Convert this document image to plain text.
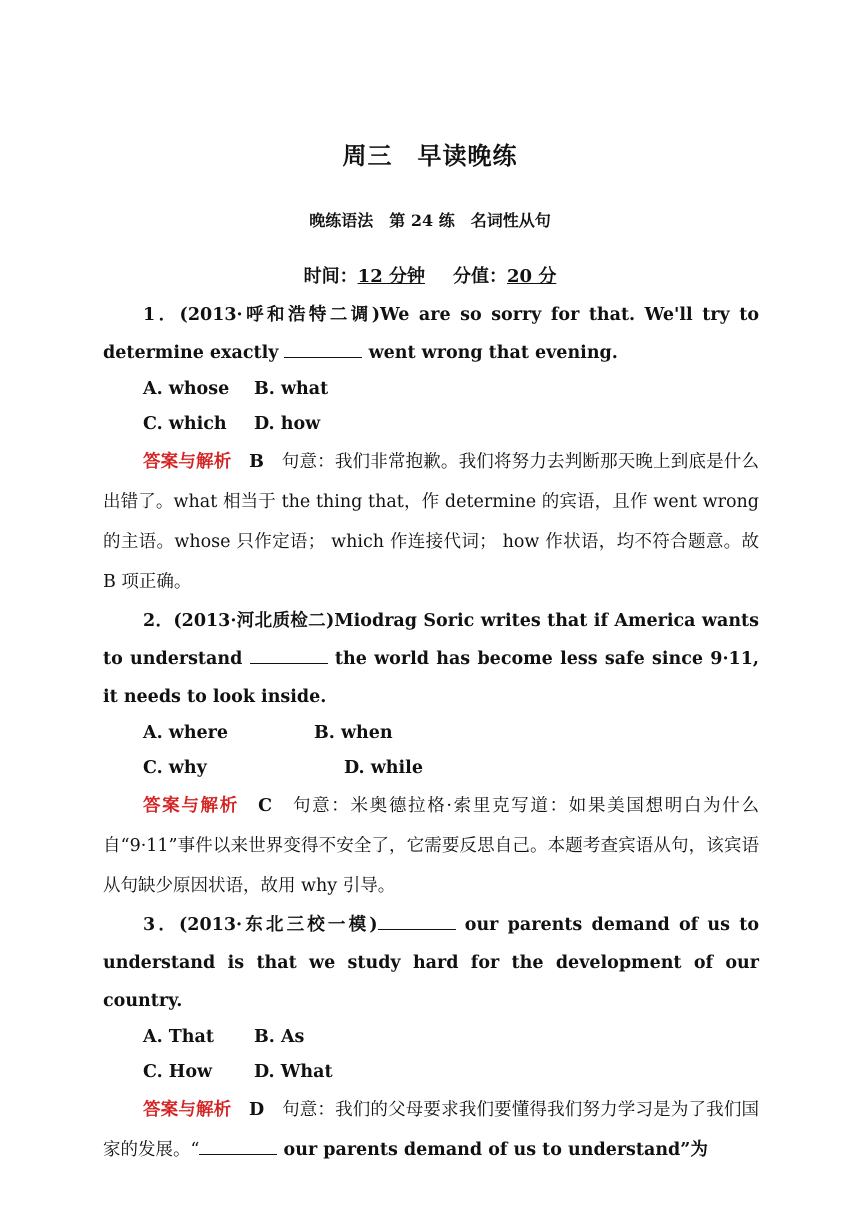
周三　早读晚练
晚练语法　第 24 练　名词性从句
时间：12 分钟 分值：20 分

1．(2013·呼和浩特二调)We are so sorry for that. We'll try to determine exactly	went wrong that evening.

A. whose B. what
C. which D. how

答案与解析　 B　 句意：我们非常抱歉。我们将努力去判断那天晚上到底是什么出错了。what 相当于 the thing that，作 determine 的宾语，且作 went wrong 的主语。whose 只作定语； which 作连接代词； how 作状语，均不符合题意。故 B 项正确。

2．(2013·河北质检二)Miodrag Soric writes that if America wants to understand	the world has become less safe since 9·11, it needs to look inside.

A. where	B. when
C. why	D. while

答案与解析　 C　 句意：米奥德拉格·索里克写道：如果美国想明白为什么自“9·11”事件以来世界变得不安全了，它需要反思自己。本题考查宾语从句，该宾语从句缺少原因状语，故用 why 引导。

3．(2013·东北三校一模)	our parents demand of us to understand is that we study hard for the development of our country.

A. That B. As
C. How D. What

答案与解析　 D　 句意：我们的父母要求我们要懂得我们努力学习是为了我们国家的发展。“	our parents demand of us to understand”为
